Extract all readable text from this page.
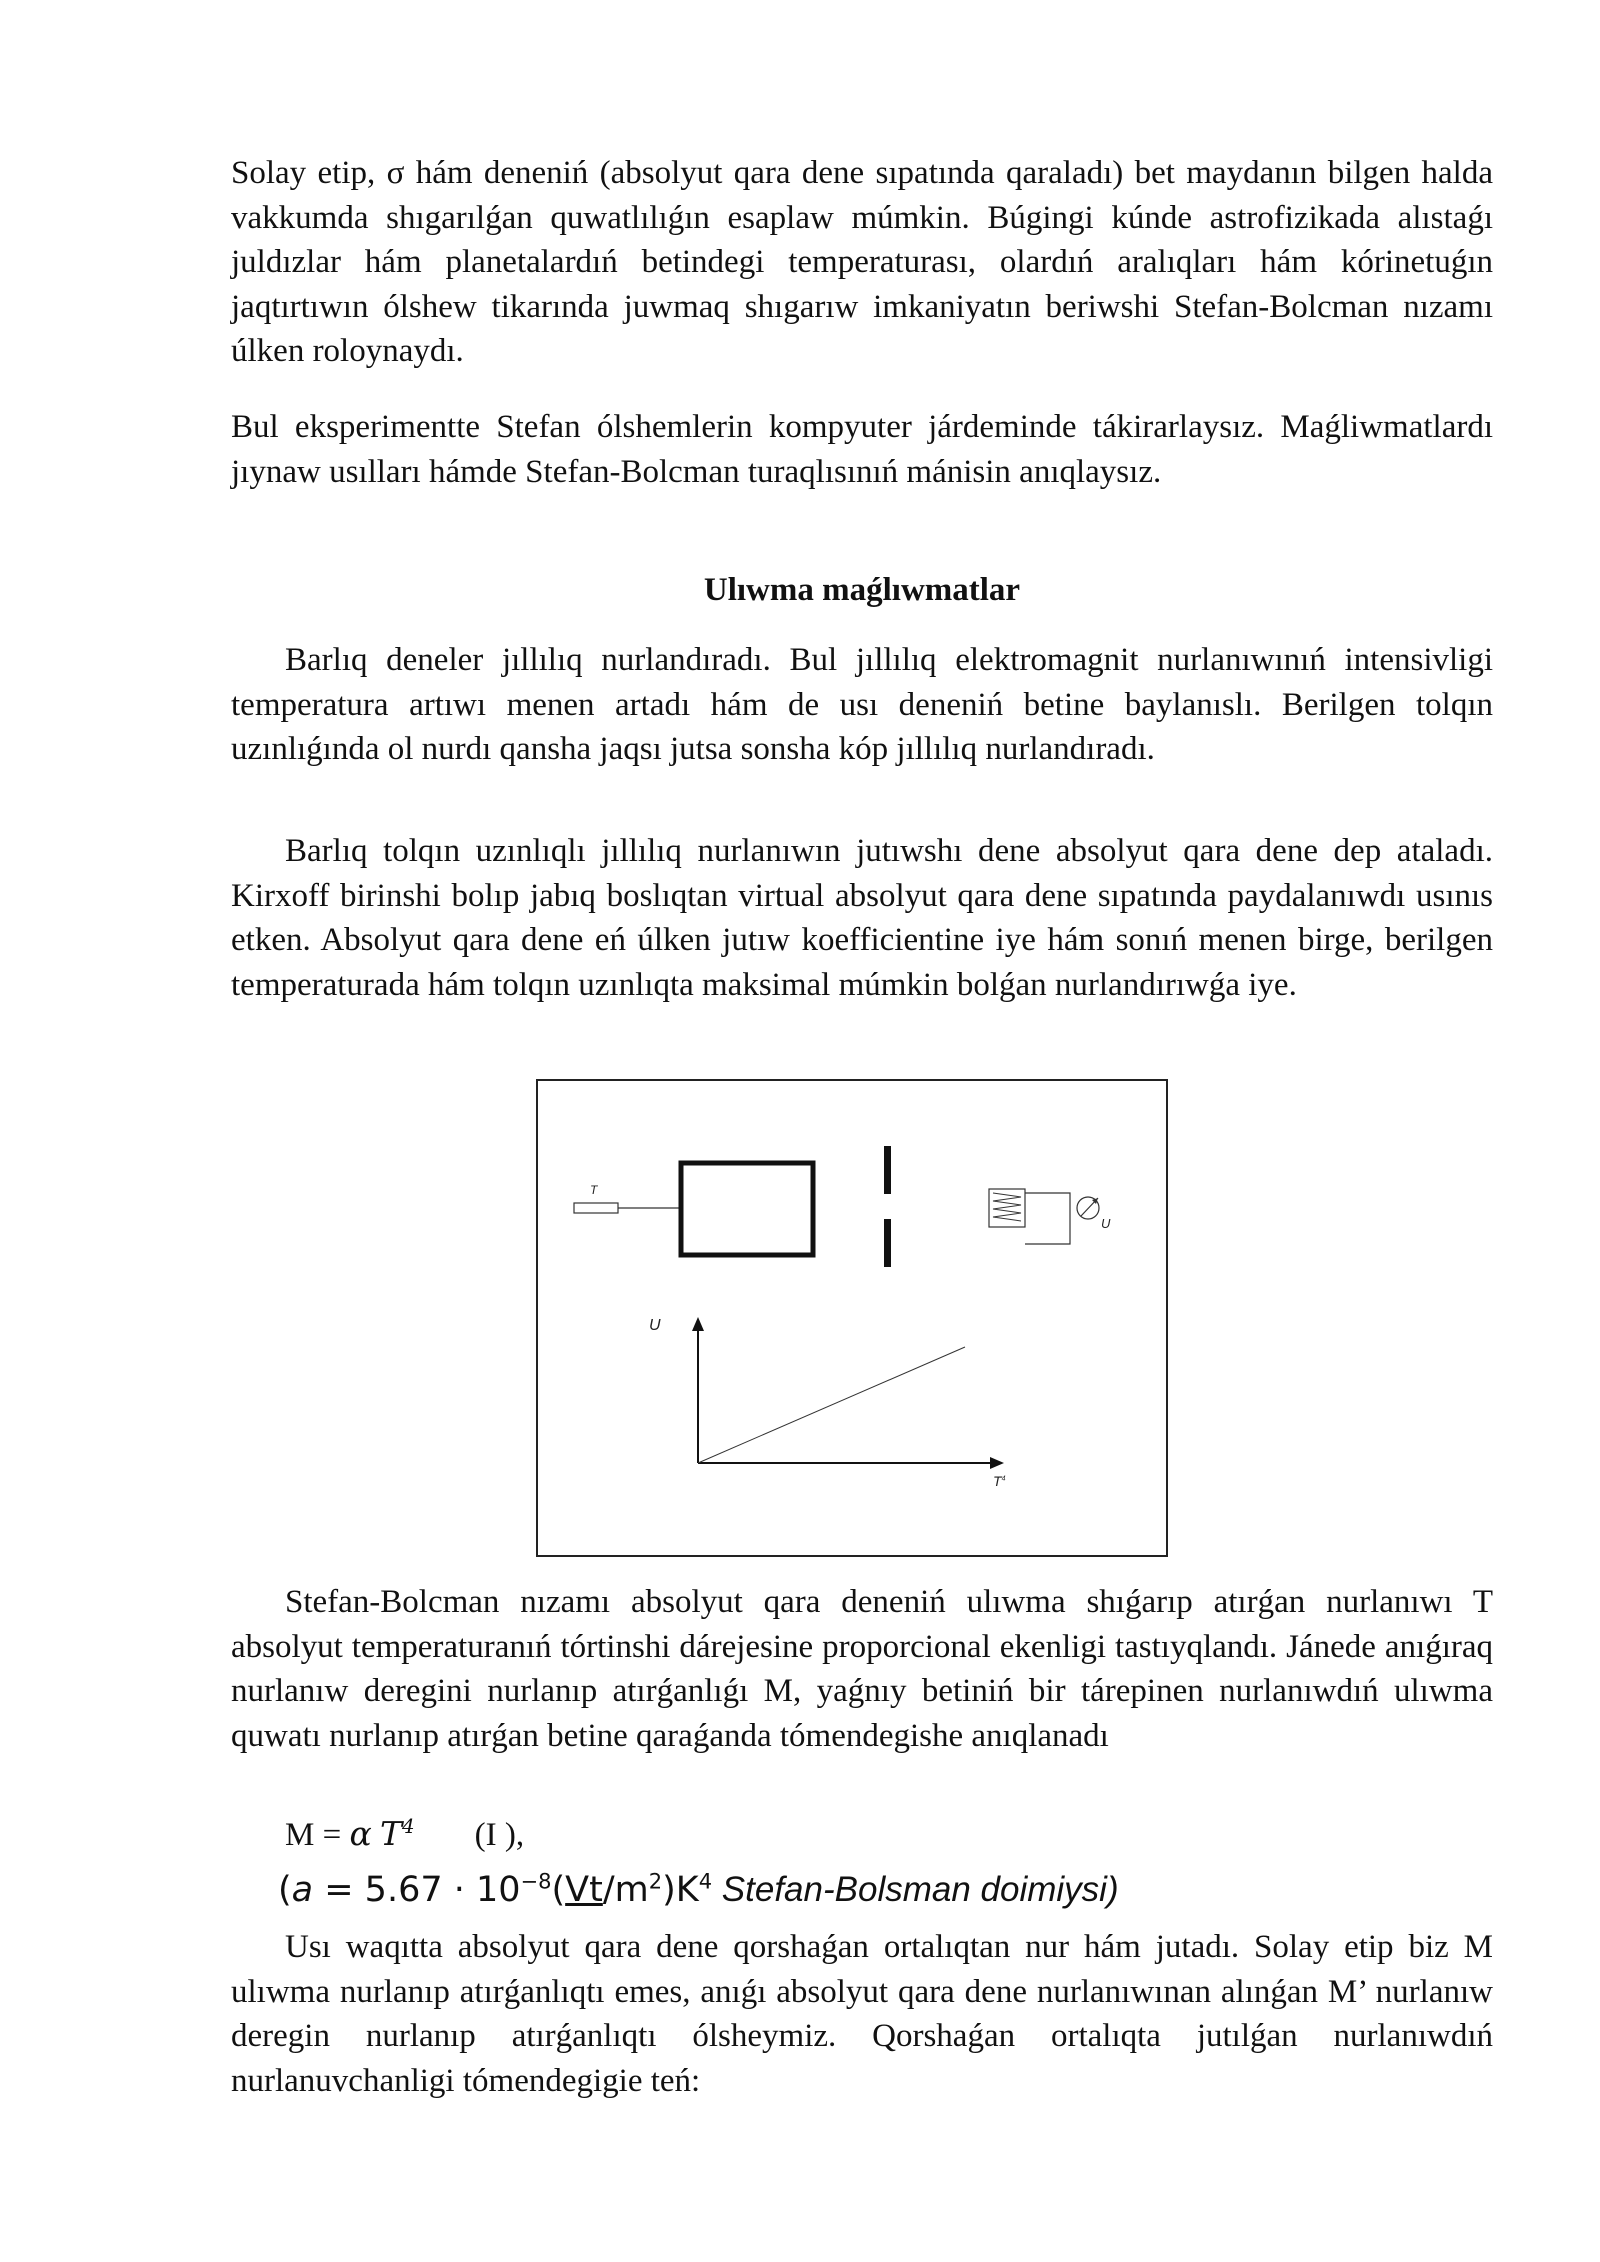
Solay etip, σ hám deneniń (absolyut qara dene sıpatında qaraladı) bet maydanın bilgen halda vakkumda shıgarılǵan quwatlılıǵın esaplaw múmkin. Búgingi kúnde astrofizikada alıstaǵı juldızlar hám planetalardıń betindegi temperaturası, olardıń aralıqları hám kórinetuǵın jaqtırtıwın ólshew tikarında juwmaq shıgarıw imkaniyatın beriwshi Stefan-Bolcman nızamı úlken roloynaydı.

Bul eksperimentte Stefan ólshemlerin kompyuter járdeminde tákirarlaysız. Maǵliwmatlardı jıynaw usılları hámde Stefan-Bolcman turaqlısınıń mánisin anıqlaysız.

Ulıwma maǵlıwmatlar

Barlıq deneler jıllılıq nurlandıradı. Bul jıllılıq elektromagnit nurlanıwınıń intensivligi temperatura artıwı menen artadı hám de usı deneniń betine baylanıslı. Berilgen tolqın uzınlıǵında ol nurdı qansha jaqsı jutsa sonsha kóp jıllılıq nurlandıradı.

Barlıq tolqın uzınlıqlı jıllılıq nurlanıwın jutıwshı dene absolyut qara dene dep ataladı. Kirxoff birinshi bolıp jabıq boslıqtan virtual absolyut qara dene sıpatında paydalanıwdı usınıs etken. Absolyut qara dene eń úlken jutıw koefficientine iye hám sonıń menen birge, berilgen temperaturada hám tolqın uzınlıqta maksimal múmkin bolǵan nurlandırıwǵa iye.

T
U
U
$T^4$

Stefan-Bolcman nızamı absolyut qara deneniń ulıwma shıǵarıp atırǵan nurlanıwı T absolyut temperaturanıń tórtinshi dárejesine proporcional ekenligi tastıyqlandı. Jánede anıǵıraq nurlanıw deregini nurlanıp atırǵanlıǵı M, yaǵnıy betiniń bir tárepinen nurlanıwdıń ulıwma quwatı nurlanıp atırǵan betine qaraǵanda tómendegishe anıqlanadı

M = α $T^4$ (I ),
($a = 5.67 \cdot 10^{-8}(Vt/m^2)K^4$ Stefan-Bolsman doimiysi)

Usı waqıtta absolyut qara dene qorshaǵan ortalıqtan nur hám jutadı. Solay etip biz M ulıwma nurlanıp atırǵanlıqtı emes, anıǵı absolyut qara dene nurlanıwınan alınǵan M’ nurlanıw deregin nurlanıp atırǵanlıqtı ólsheymiz. Qorshaǵan ortalıqta jutılǵan nurlanıwdıń nurlanuvchanligi tómendegigie teń:
